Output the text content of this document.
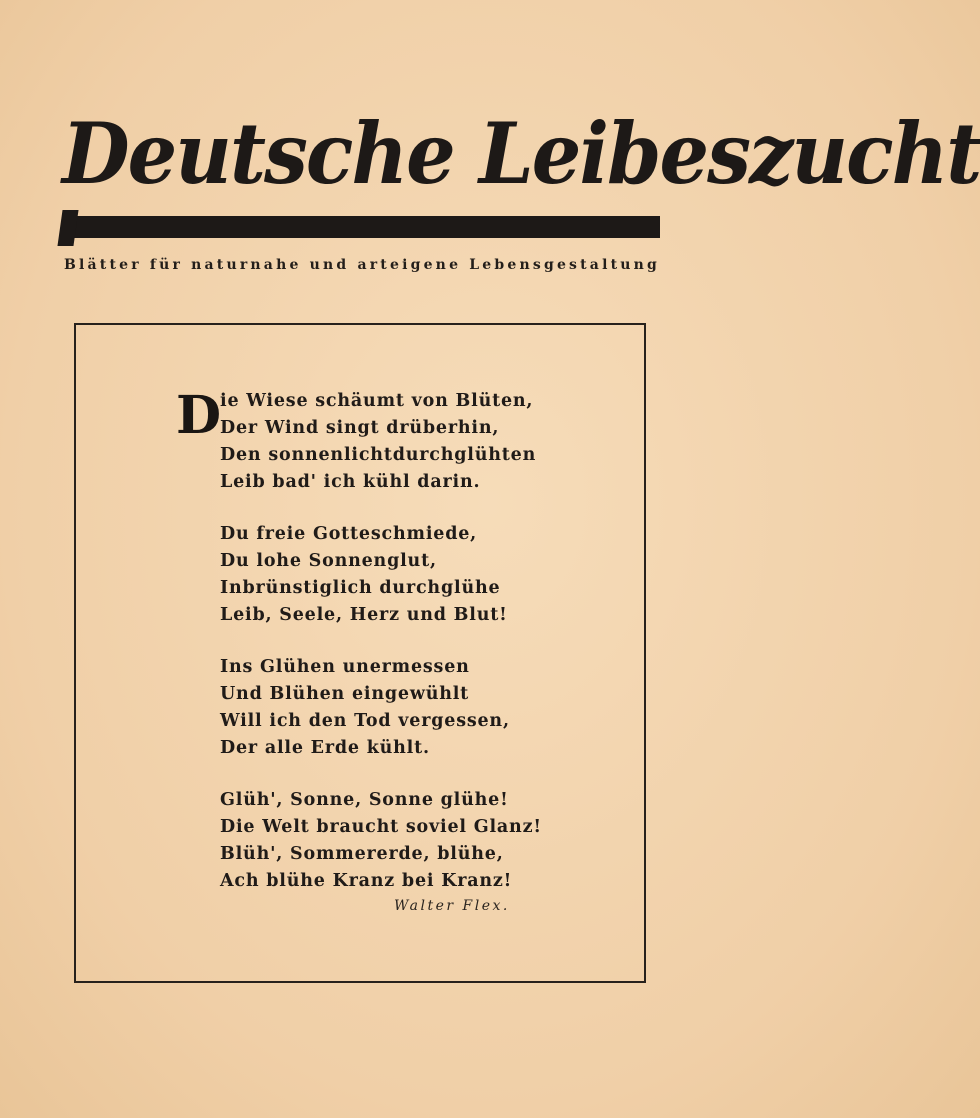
Deutsche Leibeszucht
Blätter für naturnahe und arteigene Lebensgestaltung
D
ie Wiese schäumt von Blüten,
Der Wind singt drüberhin,
Den sonnenlichtdurchglühten
Leib bad' ich kühl darin.
Du freie Gotteschmiede,
Du lohe Sonnenglut,
Inbrünstiglich durchglühe
Leib, Seele, Herz und Blut!
Ins Glühen unermessen
Und Blühen eingewühlt
Will ich den Tod vergessen,
Der alle Erde kühlt.
Glüh', Sonne, Sonne glühe!
Die Welt braucht soviel Glanz!
Blüh', Sommererde, blühe,
Ach blühe Kranz bei Kranz!
Walter Flex.
